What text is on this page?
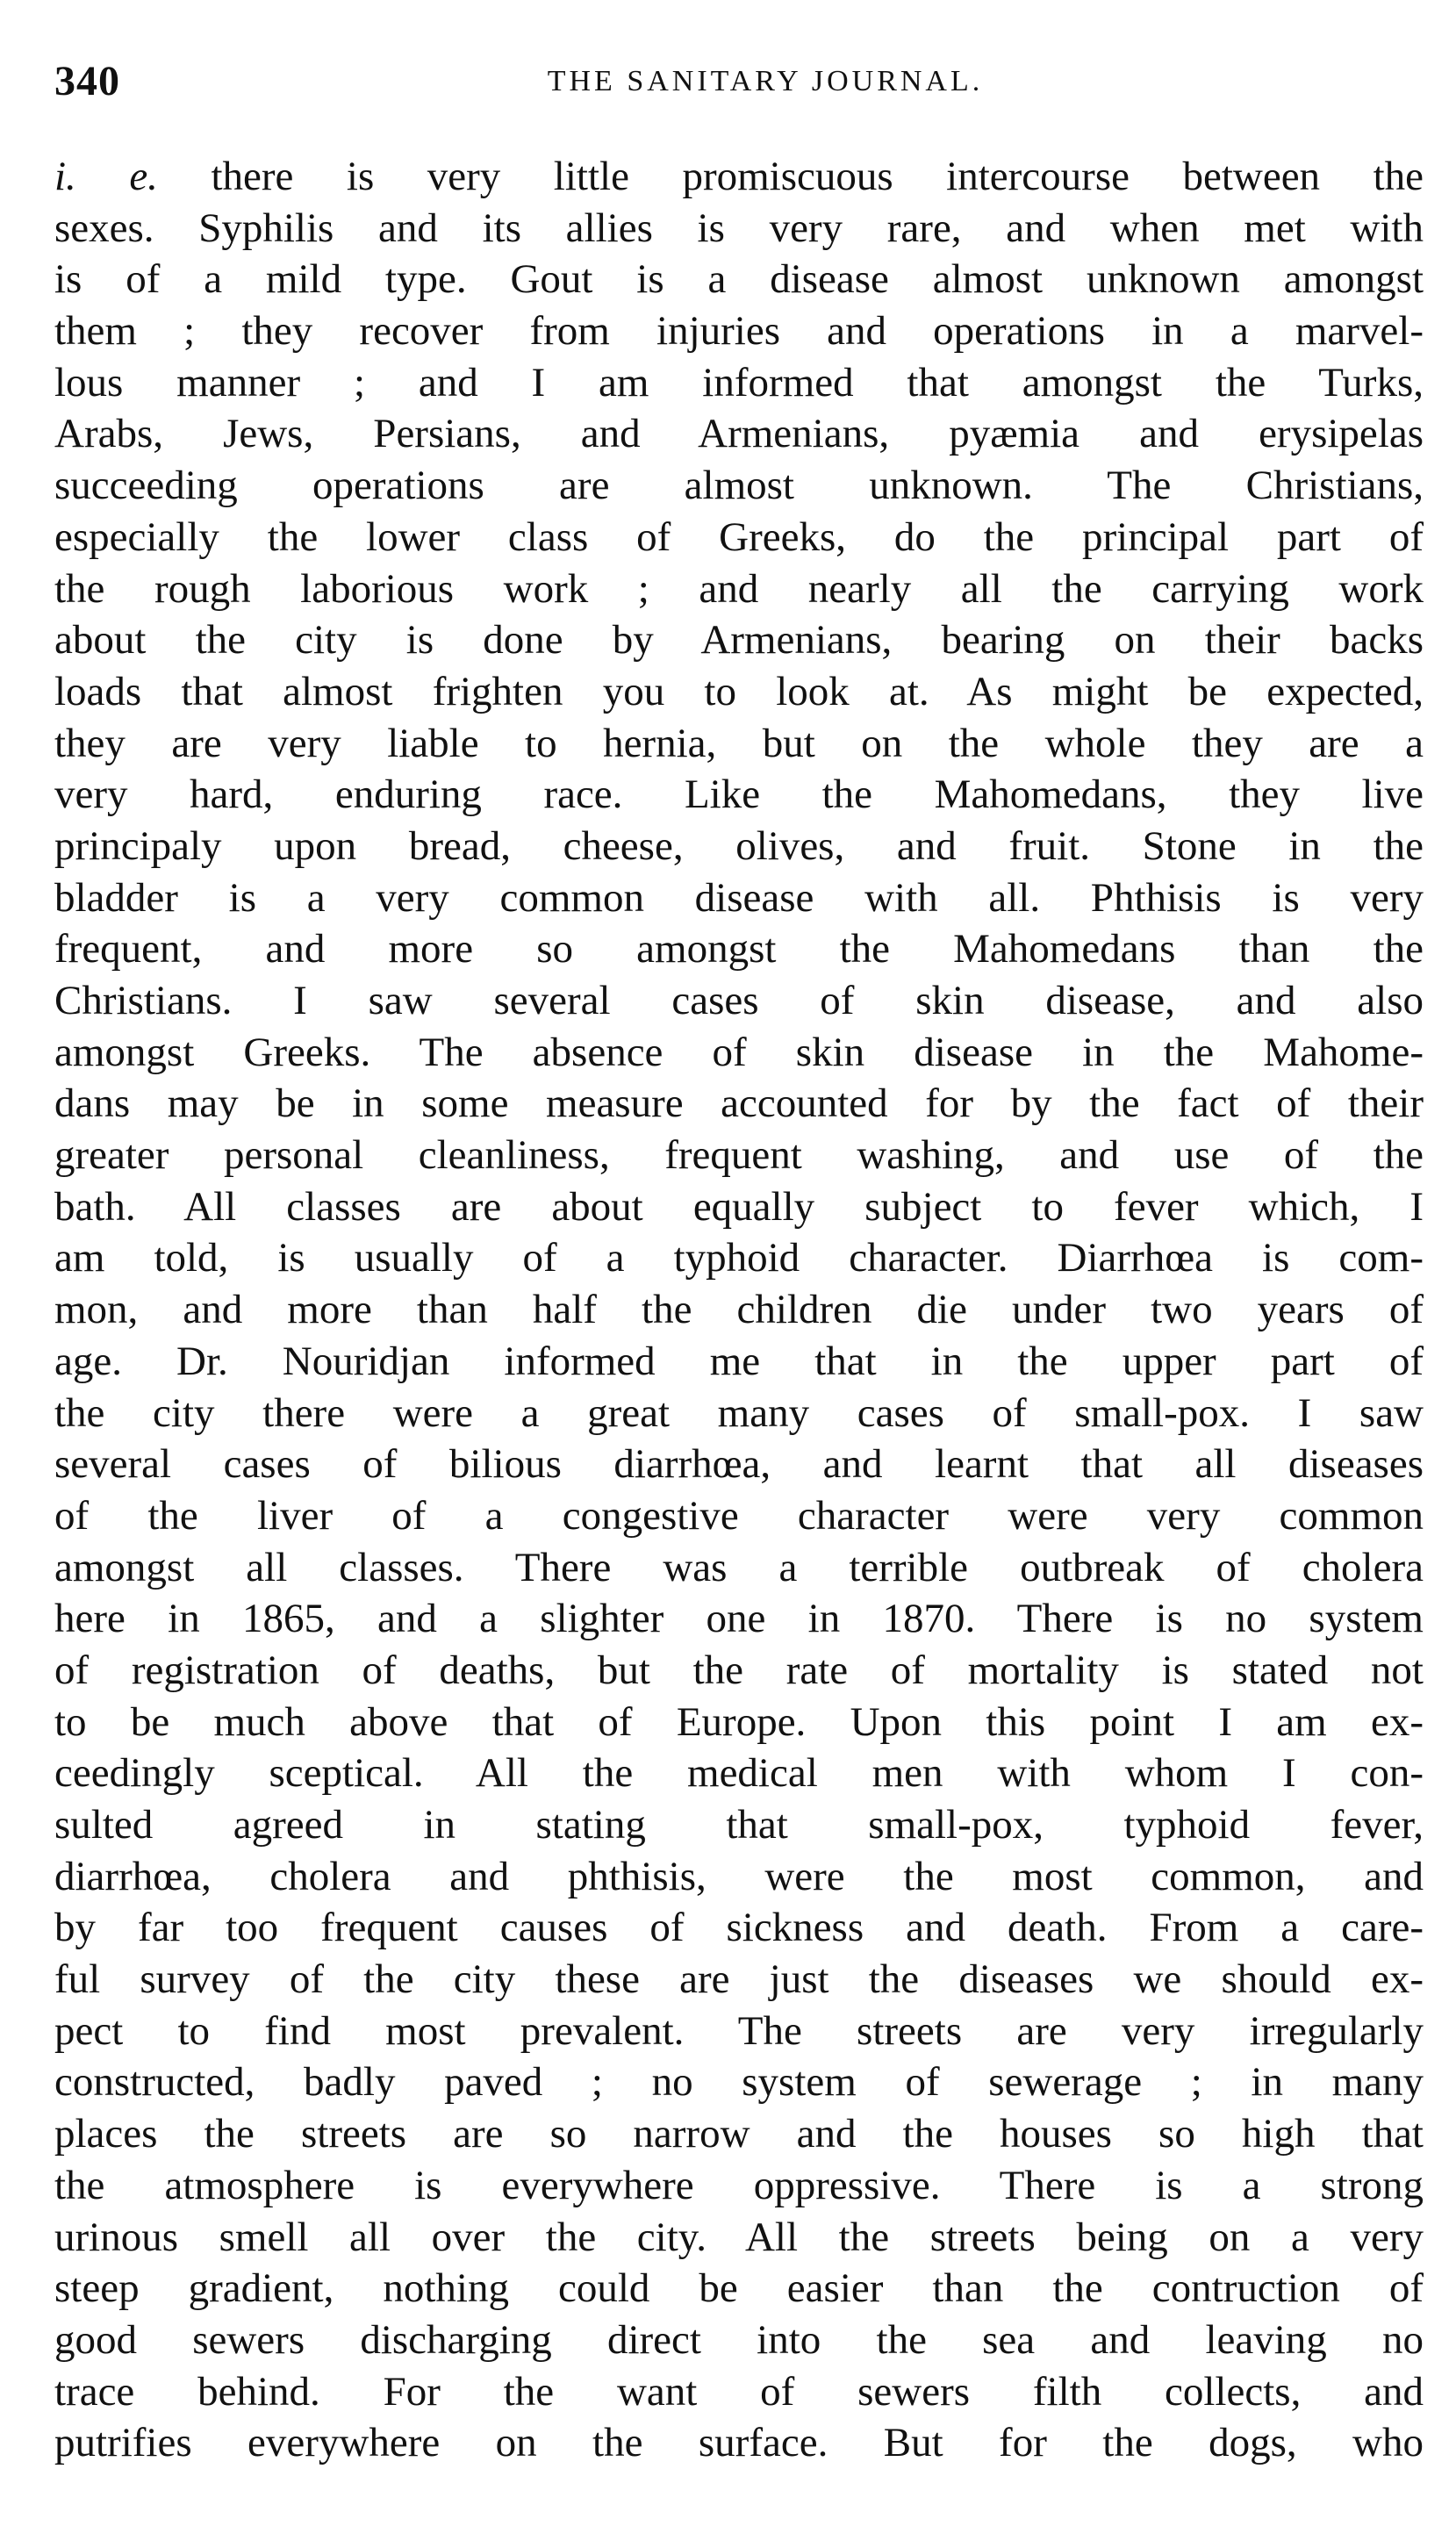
340	THE SANITARY JOURNAL.
i. e. there is very little promiscuous intercourse between the
sexes. Syphilis and its allies is very rare, and when met with
is of a mild type. Gout is a disease almost unknown amongst
them ; they recover from injuries and operations in a marvel-
lous manner ; and I am informed that amongst the Turks,
Arabs, Jews, Persians, and Armenians, pyæmia and erysipelas
succeeding operations are almost unknown. The Christians,
especially the lower class of Greeks, do the principal part of
the rough laborious work ; and nearly all the carrying work
about the city is done by Armenians, bearing on their backs
loads that almost frighten you to look at. As might be expected,
they are very liable to hernia, but on the whole they are a
very hard, enduring race. Like the Mahomedans, they live
principaly upon bread, cheese, olives, and fruit. Stone in the
bladder is a very common disease with all. Phthisis is very
frequent, and more so amongst the Mahomedans than the
Christians. I saw several cases of skin disease, and also
amongst Greeks. The absence of skin disease in the Mahome-
dans may be in some measure accounted for by the fact of their
greater personal cleanliness, frequent washing, and use of the
bath. All classes are about equally subject to fever which, I
am told, is usually of a typhoid character. Diarrhœa is com-
mon, and more than half the children die under two years of
age. Dr. Nouridjan informed me that in the upper part of
the city there were a great many cases of small-pox. I saw
several cases of bilious diarrhœa, and learnt that all diseases
of the liver of a congestive character were very common
amongst all classes. There was a terrible outbreak of cholera
here in 1865, and a slighter one in 1870. There is no system
of registration of deaths, but the rate of mortality is stated not
to be much above that of Europe. Upon this point I am ex-
ceedingly sceptical. All the medical men with whom I con-
sulted agreed in stating that small-pox, typhoid fever,
diarrhœa, cholera and phthisis, were the most common, and
by far too frequent causes of sickness and death. From a care-
ful survey of the city these are just the diseases we should ex-
pect to find most prevalent. The streets are very irregularly
constructed, badly paved ; no system of sewerage ; in many
places the streets are so narrow and the houses so high that
the atmosphere is everywhere oppressive. There is a strong
urinous smell all over the city. All the streets being on a very
steep gradient, nothing could be easier than the contruction of
good sewers discharging direct into the sea and leaving no
trace behind. For the want of sewers filth collects, and
putrifies everywhere on the surface. But for the dogs, who
